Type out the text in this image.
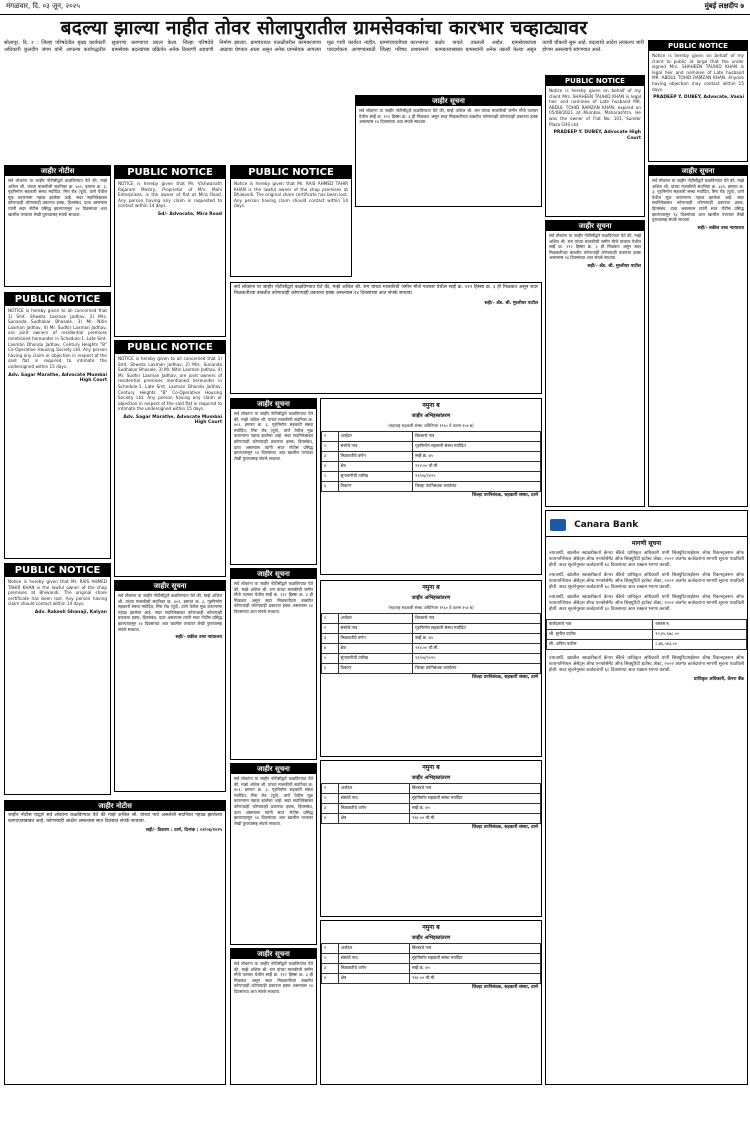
मंगळवार, दि. ०३ जून, २०२५	मुंबई लक्षदीप ७
बदल्या झाल्या नाहीत तोवर सोलापुरातील ग्रामसेवकांचा कारभार चव्हाट्यावर
सोलापूर, दि. २ : जिल्हा परिषदेतील मुख्य कार्यकारी अधिकारी कुलदीप जंगम यांनी आपल्या कार्यपद्धतीत सुधारणा करण्याचा प्रयत्न केला. जिल्हा परिषदेचे ग्रामसेवक बदल्यांच्या प्रक्रियेत अनेक ठिकाणी अडचणी निर्माण झाल्या. ग्रामपंचायत पातळीवरील कामकाजाचा आढावा घेण्यात आला असून अनेक ग्रामसेवक आपल्या मूळ गावी कार्यरत नाहीत. ग्रामपंचायतीच्या कारभारात पारदर्शकता आणण्यासाठी जिल्हा परिषद प्रशासनाने कठोर पावले उचलली आहेत. ग्रामसेवकांच्या कामकाजाबाबत ग्रामस्थांनी अनेक तक्रारी केल्या असून त्याची चौकशी सुरू आहे. बदल्यांचे आदेश लवकरच जारी होणार असल्याचे सांगण्यात आले.	PUBLIC NOTICE
Notice is hereby given on behalf of my client to public at large that the under signed Mrs. SHAHEEN TAUHID KHAN is legal heir and nominee of Late husband MR. ABDUL TOHID RAMZAN KHAN. Anyone having objection may contact within 15 days.
PRADEEP Y. DUBEY, Advocate, Vasai
PUBLIC NOTICE
Notice is hereby given on behalf of my client Mrs. SHAHEEN TAUHID KHAN is legal heir and nominee of Late husband MR. ABDUL TOHID RAMZAN KHAN, expired on 05/08/2021 at Mumbai, Maharashtra. He was the owner of Flat No. 101, Sunder Plaza CHS Ltd.
PRADEEP Y. DUBEY, Advocate High Court
जाहीर सूचना
सर्व लोकांना या जाहीर नोटीसीद्वारे कळविण्यात येते की, माझे अशिल श्री. यांच्या मालकीची सदनिका क्र. ४०१, इमारत क्र. ३, गृहनिर्माण सहकारी संस्था मर्यादित, मिरा रोड (पूर्व), ठाणे येथील मूळ करारनामा गहाळ झालेला आहे. सदर सदनिकेबाबत कोणाचाही कोणत्याही प्रकारचा हक्क, हितसंबंध, दावा असल्यास त्यांनी सदर नोटीस प्रसिद्ध झाल्यापासून १४ दिवसांच्या आत खालील पत्त्यावर लेखी पुराव्यासह संपर्क साधावा.
सही/- वकील उच्च न्यायालय
जाहीर सूचना
सर्व लोकांना या जाहीर नोटीसीद्वारे कळविण्यात येते की, माझे अशिल श्री. राम यांच्या मालकीची जमीन मौजे पालघर येथील सर्व्हे क्र. ११२ हिस्सा क्र. ३ ही मिळकत असून सदर मिळकतीच्या बाबतीत कोणाचाही कोणत्याही प्रकारचा हक्क असल्यास १४ दिवसांच्या आत संपर्क साधावा.
सही/- ॲड. श्री. मुरलीधर पाटील
जाहीर नोटीस
सर्व लोकांना या जाहीर नोटीसीद्वारे कळविण्यात येते की, माझे अशिल श्री. यांच्या मालकीची सदनिका क्र. ४०१, इमारत क्र. ३, गृहनिर्माण सहकारी संस्था मर्यादित, मिरा रोड (पूर्व), ठाणे येथील मूळ करारनामा गहाळ झालेला आहे. सदर सदनिकेबाबत कोणाचाही कोणत्याही प्रकारचा हक्क, हितसंबंध, दावा असल्यास त्यांनी सदर नोटीस प्रसिद्ध झाल्यापासून १४ दिवसांच्या आत खालील पत्त्यावर लेखी पुराव्यासह संपर्क साधावा.
PUBLIC NOTICE
NOTICE is hereby given to all concerned that 1) Smt. Shweta Laxman Jadhav, 2) Mrs. Sunanda Sudhakar Bhosale, 3) Mr. Nitin Laxman Jadhav, 4) Mr. Sudhir Laxman Jadhav, are joint owners of residential premises mentioned hereunder in Schedule-1. Late Smt. Laxman Dhondu Jadhav, Century Heights "B" Co-Operative Housing Society Ltd. Any person having any claim or objection in respect of the said flat is required to intimate the undersigned within 15 days.
Adv. Sagar Marathe, Advocate Mumbai High Court
PUBLIC NOTICE
Notice is hereby given that Mr. RAIS AHMED TAHIR KHAN is the lawful owner of the shop premises at Bhiwandi. The original share certificate has been lost. Any person having claim should contact within 14 days.
Adv. Rakesh Ghanaji, Kalyan
PUBLIC NOTICE
NOTICE is hereby given that Mr. Vishwanath Rajaram Mestry, Proprietor of M/s. Mahi Enterprises, is the owner of flat at Mira Road. Any person having any claim is requested to contact within 14 days.
Sd/- Advocate, Mira Road
PUBLIC NOTICE
NOTICE is hereby given to all concerned that 1) Smt. Shweta Laxman Jadhav, 2) Mrs. Sunanda Sudhakar Bhosale, 3) Mr. Nitin Laxman Jadhav, 4) Mr. Sudhir Laxman Jadhav, are joint owners of residential premises mentioned hereunder in Schedule-1. Late Smt. Laxman Dhondu Jadhav, Century Heights "B" Co-Operative Housing Society Ltd. Any person having any claim or objection in respect of the said flat is required to intimate the undersigned within 15 days.
Adv. Sagar Marathe, Advocate Mumbai High Court
जाहीर सूचना
सर्व लोकांना या जाहीर नोटीसीद्वारे कळविण्यात येते की, माझे अशिल श्री. यांच्या मालकीची सदनिका क्र. ४०१, इमारत क्र. ३, गृहनिर्माण सहकारी संस्था मर्यादित, मिरा रोड (पूर्व), ठाणे येथील मूळ करारनामा गहाळ झालेला आहे. सदर सदनिकेबाबत कोणाचाही कोणत्याही प्रकारचा हक्क, हितसंबंध, दावा असल्यास त्यांनी सदर नोटीस प्रसिद्ध झाल्यापासून १४ दिवसांच्या आत खालील पत्त्यावर लेखी पुराव्यासह संपर्क साधावा.
सही/- वकील उच्च न्यायालय
PUBLIC NOTICE
Notice is hereby given that Mr. RAIS AHMED TAHIR KHAN is the lawful owner of the shop premises at Bhiwandi. The original share certificate has been lost. Any person having claim should contact within 14 days.
जाहीर सूचना
सर्व लोकांना या जाहीर नोटीसीद्वारे कळविण्यात येते की, माझे अशिल श्री. राम यांच्या मालकीची जमीन मौजे पालघर येथील सर्व्हे क्र. ११२ हिस्सा क्र. ३ ही मिळकत असून सदर मिळकतीच्या बाबतीत कोणाचाही कोणत्याही प्रकारचा हक्क असल्यास १४ दिवसांच्या आत संपर्क साधावा.
सर्व लोकांना या जाहीर नोटीसीद्वारे कळविण्यात येते की, माझे अशिल श्री. राम यांच्या मालकीची जमीन मौजे पालघर येथील सर्व्हे क्र. ११२ हिस्सा क्र. ३ ही मिळकत असून सदर मिळकतीच्या बाबतीत कोणाचाही कोणत्याही प्रकारचा हक्क असल्यास १४ दिवसांच्या आत संपर्क साधावा.
सही/- ॲड. श्री. मुरलीधर पाटील
नमुना ब
जाहीर अभिहस्तांतरण
(महाराष्ट्र सहकारी संस्था अधिनियम १९६० चे कलम १५४ ब)
१	अर्जदार	बिल्डरचे नाव
२	संस्थेचे नाव	गृहनिर्माण सहकारी संस्था मर्यादित
३	मिळकतीचे वर्णन	सर्व्हे क्र. ७५
४	क्षेत्र	२२४.०० चौ.मी.
५	सुनावणीची तारीख	१२/०६/२०२५
६	ठिकाण	जिल्हा उपनिबंधक कार्यालय
जिल्हा उपनिबंधक, सहकारी संस्था, ठाणे
नमुना ब
जाहीर अभिहस्तांतरण
(महाराष्ट्र सहकारी संस्था अधिनियम १९६० चे कलम १५४ ब)
१	अर्जदार	बिल्डरचे नाव
२	संस्थेचे नाव	गृहनिर्माण सहकारी संस्था मर्यादित
३	मिळकतीचे वर्णन	सर्व्हे क्र. ७५
४	क्षेत्र	२२४.०० चौ.मी.
५	सुनावणीची तारीख	१२/०६/२०२५
६	ठिकाण	जिल्हा उपनिबंधक कार्यालय
जिल्हा उपनिबंधक, सहकारी संस्था, ठाणे
जाहीर सूचना
सर्व लोकांना या जाहीर नोटीसीद्वारे कळविण्यात येते की, माझे अशिल श्री. यांच्या मालकीची सदनिका क्र. ४०१, इमारत क्र. ३, गृहनिर्माण सहकारी संस्था मर्यादित, मिरा रोड (पूर्व), ठाणे येथील मूळ करारनामा गहाळ झालेला आहे. सदर सदनिकेबाबत कोणाचाही कोणत्याही प्रकारचा हक्क, हितसंबंध, दावा असल्यास त्यांनी सदर नोटीस प्रसिद्ध झाल्यापासून १४ दिवसांच्या आत खालील पत्त्यावर लेखी पुराव्यासह संपर्क साधावा.
जाहीर सूचना
सर्व लोकांना या जाहीर नोटीसीद्वारे कळविण्यात येते की, माझे अशिल श्री. राम यांच्या मालकीची जमीन मौजे पालघर येथील सर्व्हे क्र. ११२ हिस्सा क्र. ३ ही मिळकत असून सदर मिळकतीच्या बाबतीत कोणाचाही कोणत्याही प्रकारचा हक्क असल्यास १४ दिवसांच्या आत संपर्क साधावा.
जाहीर सूचना
सर्व लोकांना या जाहीर नोटीसीद्वारे कळविण्यात येते की, माझे अशिल श्री. यांच्या मालकीची सदनिका क्र. ४०१, इमारत क्र. ३, गृहनिर्माण सहकारी संस्था मर्यादित, मिरा रोड (पूर्व), ठाणे येथील मूळ करारनामा गहाळ झालेला आहे. सदर सदनिकेबाबत कोणाचाही कोणत्याही प्रकारचा हक्क, हितसंबंध, दावा असल्यास त्यांनी सदर नोटीस प्रसिद्ध झाल्यापासून १४ दिवसांच्या आत खालील पत्त्यावर लेखी पुराव्यासह संपर्क साधावा.
जाहीर सूचना
सर्व लोकांना या जाहीर नोटीसीद्वारे कळविण्यात येते की, माझे अशिल श्री. राम यांच्या मालकीची जमीन मौजे पालघर येथील सर्व्हे क्र. ११२ हिस्सा क्र. ३ ही मिळकत असून सदर मिळकतीच्या बाबतीत कोणाचाही कोणत्याही प्रकारचा हक्क असल्यास १४ दिवसांच्या आत संपर्क साधावा.
नमुना ब
जाहीर अभिहस्तांतरण
१	अर्जदार	बिल्डरचे नाव
२	संस्थेचे नाव	गृहनिर्माण सहकारी संस्था मर्यादित
३	मिळकतीचे वर्णन	सर्व्हे क्र. ७५
४	क्षेत्र	२२४.०० चौ.मी.
जिल्हा उपनिबंधक, सहकारी संस्था, ठाणे
नमुना ब
जाहीर अभिहस्तांतरण
१	अर्जदार	बिल्डरचे नाव
२	संस्थेचे नाव	गृहनिर्माण सहकारी संस्था मर्यादित
३	मिळकतीचे वर्णन	सर्व्हे क्र. ७५
४	क्षेत्र	२२४.०० चौ.मी.
जिल्हा उपनिबंधक, सहकारी संस्था, ठाणे
जाहीर नोटीस
जाहीर नोटीस याद्वारे सर्व लोकांना कळविण्यात येते की माझे अशिल श्री. यांच्या नावे असलेली सदनिका गहाळ झालेल्या कागदपत्रांबाबत आहे. कोणाचाही आक्षेप असल्यास सात दिवसांत संपर्क साधावा.
सही/- ठिकाण : ठाणे, दिनांक : ०२/०६/२०२५
Canara Bank
मागणी सूचना
ज्याअर्थी, खालील स्वाक्षरीकर्ता कॅनरा बँकेचे प्राधिकृत अधिकारी यांनी सिक्युरिटायझेशन ॲण्ड रिकन्स्ट्रक्शन ऑफ फायनान्शियल ॲसेट्स ॲण्ड एनफोर्समेंट ऑफ सिक्युरिटी इंटरेस्ट ॲक्ट, २००२ अंतर्गत कर्जदारांना मागणी सूचना पाठविली होती. सदर सूचनेनुसार कर्जदारांनी ६० दिवसांच्या आत रक्कम भरणा करावी.
ज्याअर्थी, खालील स्वाक्षरीकर्ता कॅनरा बँकेचे प्राधिकृत अधिकारी यांनी सिक्युरिटायझेशन ॲण्ड रिकन्स्ट्रक्शन ऑफ फायनान्शियल ॲसेट्स ॲण्ड एनफोर्समेंट ऑफ सिक्युरिटी इंटरेस्ट ॲक्ट, २००२ अंतर्गत कर्जदारांना मागणी सूचना पाठविली होती. सदर सूचनेनुसार कर्जदारांनी ६० दिवसांच्या आत रक्कम भरणा करावी.
ज्याअर्थी, खालील स्वाक्षरीकर्ता कॅनरा बँकेचे प्राधिकृत अधिकारी यांनी सिक्युरिटायझेशन ॲण्ड रिकन्स्ट्रक्शन ऑफ फायनान्शियल ॲसेट्स ॲण्ड एनफोर्समेंट ऑफ सिक्युरिटी इंटरेस्ट ॲक्ट, २००२ अंतर्गत कर्जदारांना मागणी सूचना पाठविली होती. सदर सूचनेनुसार कर्जदारांनी ६० दिवसांच्या आत रक्कम भरणा करावी.
कर्जदाराचे नाव	रक्कम रु.
श्री. सुनील पाटील	१२,४५,६७८.००
सौ. अनिता पाटील	८,७६,५४३.००
ज्याअर्थी, खालील स्वाक्षरीकर्ता कॅनरा बँकेचे प्राधिकृत अधिकारी यांनी सिक्युरिटायझेशन ॲण्ड रिकन्स्ट्रक्शन ऑफ फायनान्शियल ॲसेट्स ॲण्ड एनफोर्समेंट ऑफ सिक्युरिटी इंटरेस्ट ॲक्ट, २००२ अंतर्गत कर्जदारांना मागणी सूचना पाठविली होती. सदर सूचनेनुसार कर्जदारांनी ६० दिवसांच्या आत रक्कम भरणा करावी.
प्राधिकृत अधिकारी, कॅनरा बँक
